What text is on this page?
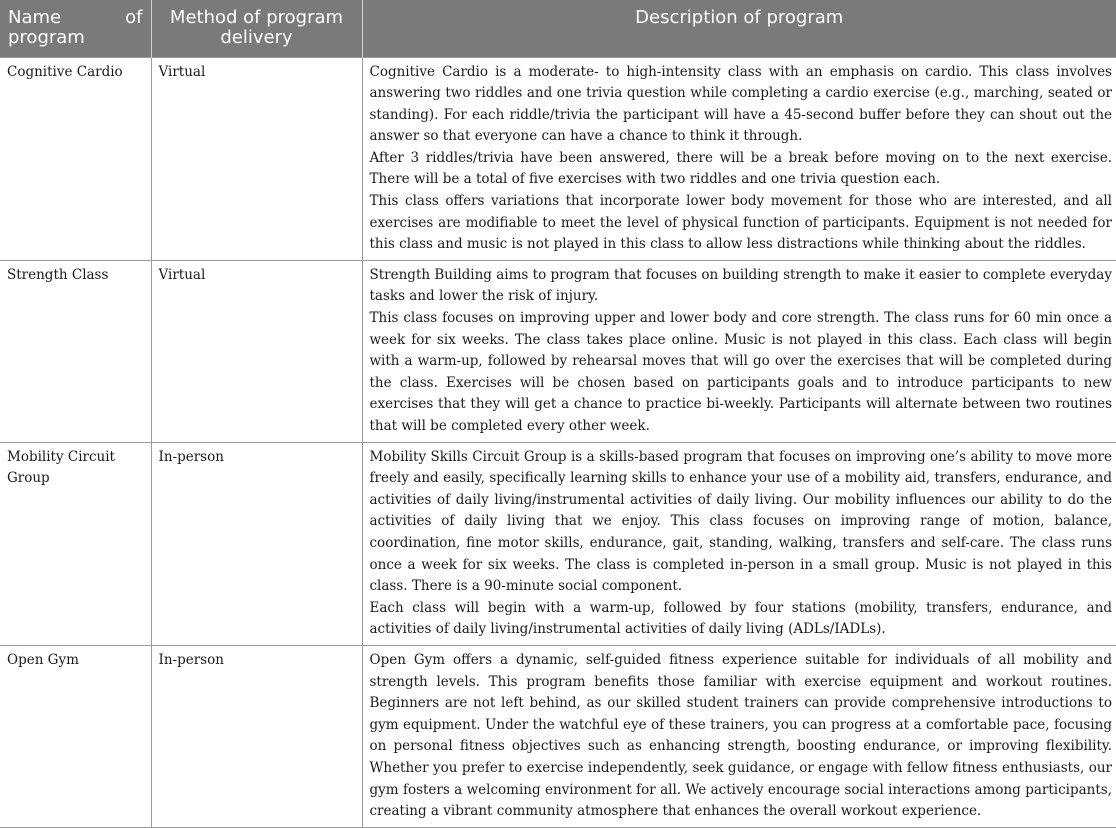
Name of
program	Method of program delivery	Description of program
Cognitive Cardio	Virtual	Cognitive Cardio is a moderate- to high-intensity class with an emphasis on cardio. This class involves answering two riddles and one trivia question while completing a cardio exercise (e.g., marching, seated or standing). For each riddle/trivia the participant will have a 45-second buffer before they can shout out the answer so that everyone can have a chance to think it through.

After 3 riddles/trivia have been answered, there will be a break before moving on to the next exercise. There will be a total of five exercises with two riddles and one trivia question each.

This class offers variations that incorporate lower body movement for those who are interested, and all exercises are modifiable to meet the level of physical function of participants. Equipment is not needed for this class and music is not played in this class to allow less distractions while thinking about the riddles.

Strength Class	Virtual	Strength Building aims to program that focuses on building strength to make it easier to complete everyday tasks and lower the risk of injury.

This class focuses on improving upper and lower body and core strength. The class runs for 60 min once a week for six weeks. The class takes place online. Music is not played in this class. Each class will begin with a warm-up, followed by rehearsal moves that will go over the exercises that will be completed during the class. Exercises will be chosen based on participants goals and to introduce participants to new exercises that they will get a chance to practice bi-weekly. Participants will alternate between two routines that will be completed every other week.

Mobility Circuit Group	In-person	Mobility Skills Circuit Group is a skills-based program that focuses on improving one’s ability to move more freely and easily, specifically learning skills to enhance your use of a mobility aid, transfers, endurance, and activities of daily living/instrumental activities of daily living. Our mobility influences our ability to do the activities of daily living that we enjoy. This class focuses on improving range of motion, balance, coordination, fine motor skills, endurance, gait, standing, walking, transfers and self-care. The class runs once a week for six weeks. The class is completed in-person in a small group. Music is not played in this class. There is a 90-minute social component.

Each class will begin with a warm-up, followed by four stations (mobility, transfers, endurance, and activities of daily living/instrumental activities of daily living (ADLs/IADLs).

Open Gym	In-person	Open Gym offers a dynamic, self-guided fitness experience suitable for individuals of all mobility and strength levels. This program benefits those familiar with exercise equipment and workout routines. Beginners are not left behind, as our skilled student trainers can provide comprehensive introductions to gym equipment. Under the watchful eye of these trainers, you can progress at a comfortable pace, focusing on personal fitness objectives such as enhancing strength, boosting endurance, or improving flexibility. Whether you prefer to exercise independently, seek guidance, or engage with fellow fitness enthusiasts, our gym fosters a welcoming environment for all. We actively encourage social interactions among participants, creating a vibrant community atmosphere that enhances the overall workout experience.
